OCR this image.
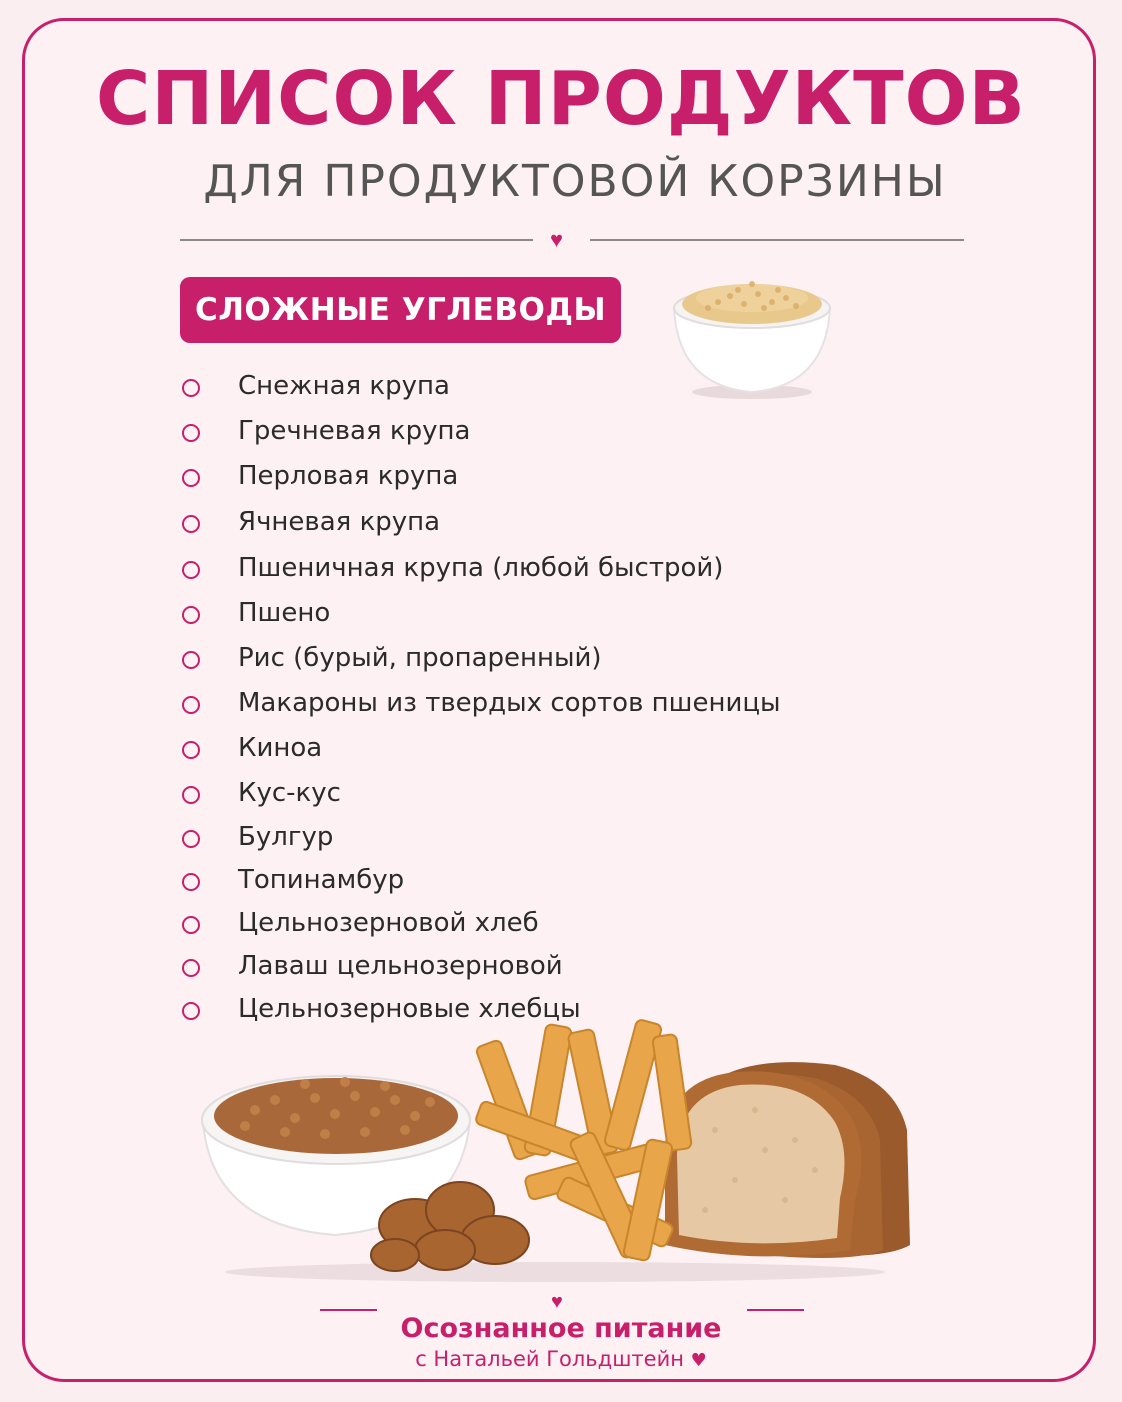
СПИСОК ПРОДУКТОВ
ДЛЯ ПРОДУКТОВОЙ КОРЗИНЫ
♥
СЛОЖНЫЕ УГЛЕВОДЫ
Снежная крупа
Гречневая крупа
Перловая крупа
Ячневая крупа
Пшеничная крупа (любой быстрой)
Пшено
Рис (бурый, пропаренный)
Макароны из твердых сортов пшеницы
Киноа
Кус-кус
Булгур
Топинамбур
Цельнозерновой хлеб
Лаваш цельнозерновой
Цельнозерновые хлебцы
♥
Осознанное питание
с Натальей Гольдштейн ♥
